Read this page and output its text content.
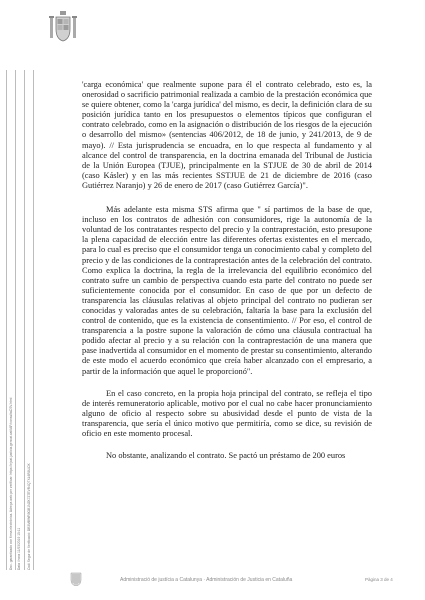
Doc. garantizado con firma electrónica. Adreça web per verificar: https://ejcat.justicia.gencat.cat/IAP/consultaCSV.html Data i hora 11/03/2019 15:11 Codi Segur de Verificació: DB3MBWR9GB1NZK7Z7EVR4QTXL6R8UCK

'carga económica' que realmente supone para él el contrato celebrado, esto es, la onerosidad o sacrificio patrimonial realizada a cambio de la prestación económica que se quiere obtener, como la 'carga jurídica' del mismo, es decir, la definición clara de su posición jurídica tanto en los presupuestos o elementos típicos que configuran el contrato celebrado, como en la asignación o distribución de los riesgos de la ejecución o desarrollo del mismo» (sentencias 406/2012, de 18 de junio, y 241/2013, de 9 de mayo). // Esta jurisprudencia se encuadra, en lo que respecta al fundamento y al alcance del control de transparencia, en la doctrina emanada del Tribunal de Justicia de la Unión Europea (TJUE), principalmente en la STJUE de 30 de abril de 2014 (caso Kásler) y en las más recientes SSTJUE de 21 de diciembre de 2016 (caso Gutiérrez Naranjo) y 26 de enero de 2017 (caso Gutiérrez García)".

Más adelante esta misma STS afirma que " sí partimos de la base de que, incluso en los contratos de adhesión con consumidores, rige la autonomía de la voluntad de los contratantes respecto del precio y la contraprestación, esto presupone la plena capacidad de elección entre las diferentes ofertas existentes en el mercado, para lo cual es preciso que el consumidor tenga un conocimiento cabal y completo del precio y de las condiciones de la contraprestación antes de la celebración del contrato. Como explica la doctrina, la regla de la irrelevancia del equilibrio económico del contrato sufre un cambio de perspectiva cuando esta parte del contrato no puede ser suficientemente conocida por el consumidor. En caso de que por un defecto de transparencia las cláusulas relativas al objeto principal del contrato no pudieran ser conocidas y valoradas antes de su celebración, faltaría la base para la exclusión del control de contenido, que es la existencia de consentimiento. // Por eso, el control de transparencia a la postre supone la valoración de cómo una cláusula contractual ha podido afectar al precio y a su relación con la contraprestación de una manera que pase inadvertida al consumidor en el momento de prestar su consentimiento, alterando de este modo el acuerdo económico que creía haber alcanzado con el empresario, a partir de la información que aquel le proporcionó".

En el caso concreto, en la propia hoja principal del contrato, se refleja el tipo de interés remuneratorio aplicable, motivo por el cual no cabe hacer pronunciamiento alguno de oficio al respecto sobre su abusividad desde el punto de vista de la transparencia, que sería el único motivo que permitiría, como se dice, su revisión de oficio en este momento procesal.

No obstante, analizando el contrato. Se pactó un préstamo de 200 euros

Administració de justícia a Catalunya · Administración de Justicia en Cataluña	Pàgina 3 de 4
